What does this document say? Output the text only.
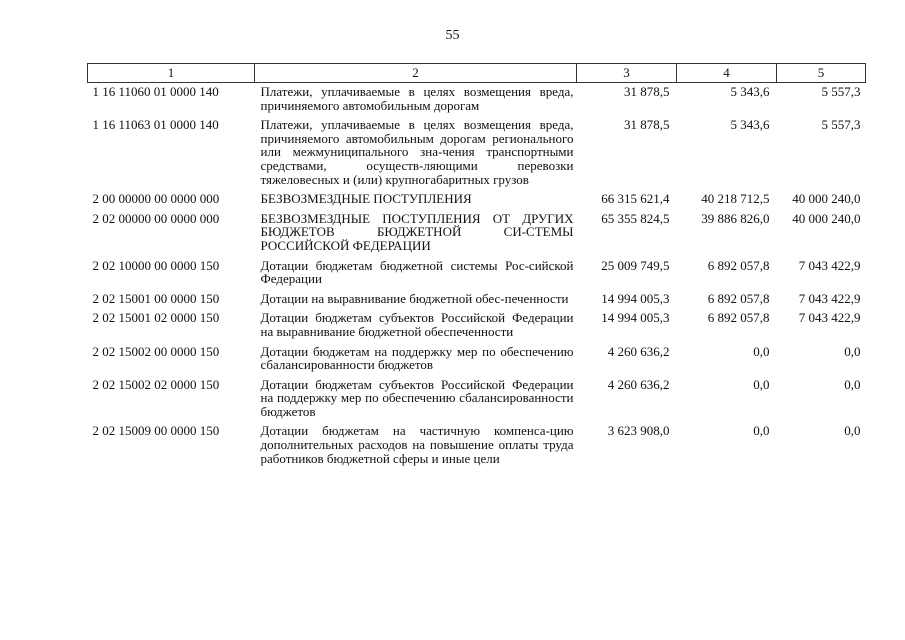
55
1	2	3	4	5
1 16 11060 01 0000 140	Платежи, уплачиваемые в целях возмещения вреда, причиняемого автомобильным дорогам	31 878,5	5 343,6	5 557,3
1 16 11063 01 0000 140	Платежи, уплачиваемые в целях возмещения вреда, причиняемого автомобильным дорогам регионального или межмуниципального зна-чения транспортными средствами, осуществ-ляющими перевозки тяжеловесных и (или) крупногабаритных грузов	31 878,5	5 343,6	5 557,3
2 00 00000 00 0000 000	БЕЗВОЗМЕЗДНЫЕ ПОСТУПЛЕНИЯ	66 315 621,4	40 218 712,5	40 000 240,0
2 02 00000 00 0000 000	БЕЗВОЗМЕЗДНЫЕ ПОСТУПЛЕНИЯ ОТ ДРУГИХ БЮДЖЕТОВ БЮДЖЕТНОЙ СИ-СТЕМЫ РОССИЙСКОЙ ФЕДЕРАЦИИ	65 355 824,5	39 886 826,0	40 000 240,0
2 02 10000 00 0000 150	Дотации бюджетам бюджетной системы Рос-сийской Федерации	25 009 749,5	6 892 057,8	7 043 422,9
2 02 15001 00 0000 150	Дотации на выравнивание бюджетной обес-печенности	14 994 005,3	6 892 057,8	7 043 422,9
2 02 15001 02 0000 150	Дотации бюджетам субъектов Российской Федерации на выравнивание бюджетной обеспеченности	14 994 005,3	6 892 057,8	7 043 422,9
2 02 15002 00 0000 150	Дотации бюджетам на поддержку мер по обеспечению сбалансированности бюджетов	4 260 636,2	0,0	0,0
2 02 15002 02 0000 150	Дотации бюджетам субъектов Российской Федерации на поддержку мер по обеспечению сбалансированности бюджетов	4 260 636,2	0,0	0,0
2 02 15009 00 0000 150	Дотации бюджетам на частичную компенса-цию дополнительных расходов на повышение оплаты труда работников бюджетной сферы и иные цели	3 623 908,0	0,0	0,0
